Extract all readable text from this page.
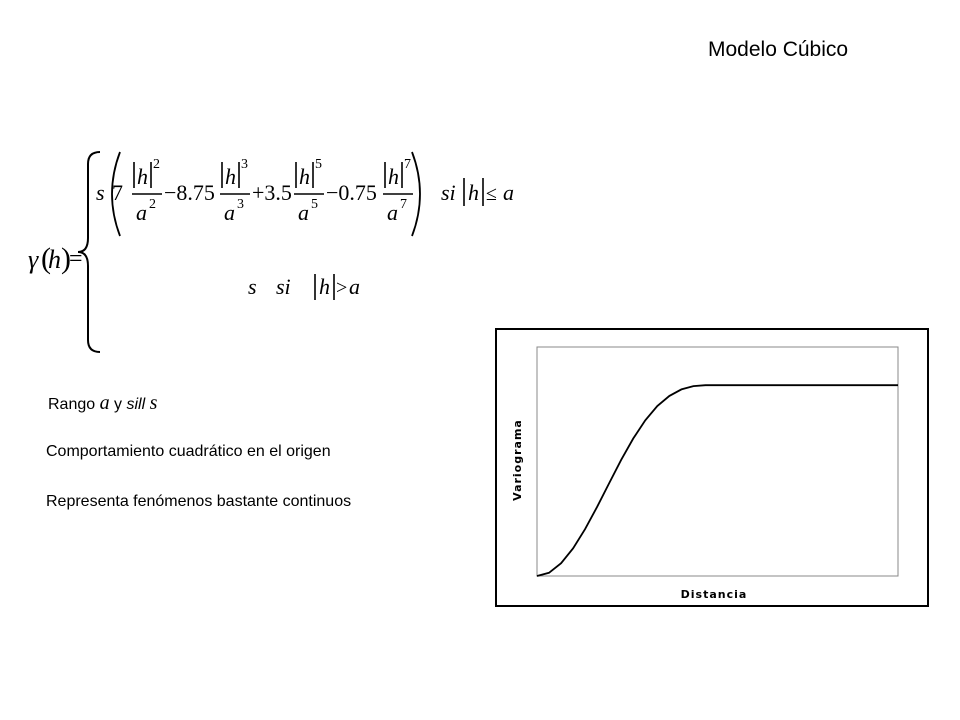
Modelo Cúbico
γ (
h )
=
s 7
h 2
a 2 −8.75
h 3
a 3 +3.5
h 5
a 5 −0.75
h 7
a 7 si h ≤ a
s si h > a
Rango a y sill s
Comportamiento cuadrático en el origen
Representa fenómenos bastante continuos
Variograma
Distancia
